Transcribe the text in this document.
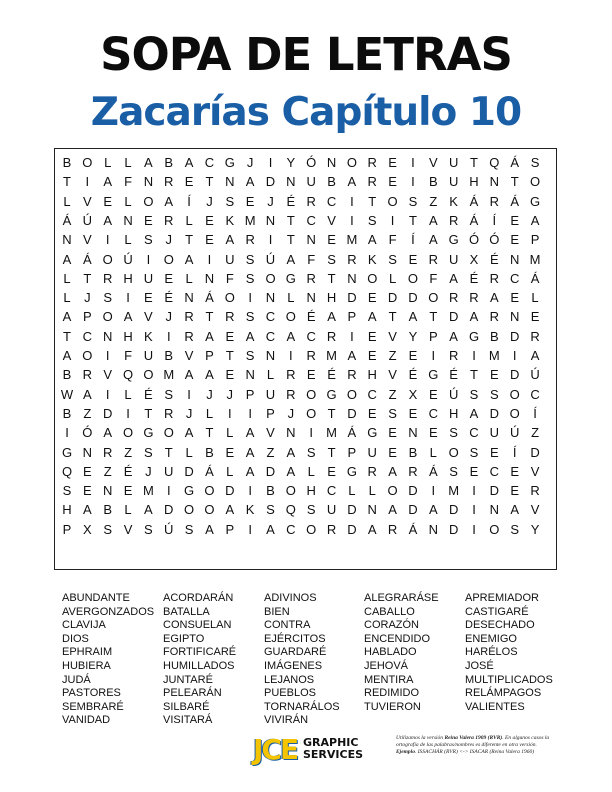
SOPA DE LETRAS
Zacarías Capítulo 10
B O L	L A B A C G J	I	Y Ó N O R E	I	V U T Q Á S
T	I	A F N R E T N A D N U B A R E	I	B U H N T O
L V E L O A	Í	J S E J É R C	I	T O S Z K Á R Á G
Á Ú A N E R L E K M N T C V	I	S	I	T A R Á	Í	E A
N V	I	L S J	T E A R	I	T N E M A F	Í	A G Ó Ó E P
A Á O Ú	I	O A	I	U S Ú A F S R K S E R U X É N M
L T R H U E L N F S O G R T N O L O F A É R C Á
L	J S	I	E É N Á O	I	N L N H D E D D O R R A E L
A P O A V J R T R S C O É A P A T A T D A R N E
T C N H K	I	R A E A C A C R	I	E V Y P A G B D R
A O	I	F U B V P T S N	I	R M A E Z E	I	R	I	M	I	A
B R V Q O M A A E N L R E É R H V É G É T E D Ú
W A	I	L É S	I	J	J P U R O G O C Z X E Ú S S O C
B Z D	I	T R J	L	I	I	P J O T D E S E C H A D O	Í
I	Ó A O G O A T L A V N	I	M Á G E N E S C U Ú Z
G N R Z S T L B E A Z A S T P U E B L O S E	Í	D
Q E Z É J U D Á L A D A L E G R A R Á S E C E V
S E N E M	I	G O D	I	B O H C L	L O D	I	M	I	D E R
H A B L A D O O A K S Q S U D N A D A D	I	N A V
P X S V S Ú S A P	I	A C O R D A R Á N D	I	O S Y
ABUNDANTE
AVERGONZADOS
CLAVIJA
DIOS
EPHRAIM
HUBIERA
JUDÁ
PASTORES
SEMBRARÉ
VANIDAD
ACORDARÁN
BATALLA
CONSUELAN
EGIPTO
FORTIFICARÉ
HUMILLADOS
JUNTARÉ
PELEARÁN
SILBARÉ
VISITARÁ
ADIVINOS
BIEN
CONTRA
EJÉRCITOS
GUARDARÉ
IMÁGENES
LEJANOS
PUEBLOS
TORNARÁLOS
VIVIRÁN
ALEGRARÁSE
CABALLO
CORAZÓN
ENCENDIDO
HABLADO
JEHOVÁ
MENTIRA
REDIMIDO
TUVIERON
APREMIADOR
CASTIGARÉ
DESECHADO
ENEMIGO
HARÉLOS
JOSÉ
MULTIPLICADOS
RELÁMPAGOS
VALIENTES
JCE GRAPHIC
SERVICES
Utilizamos la versión Reina Valera 1909 (RVR). En algunos casos la ortografía de las palabras/nombres es diferente en otra versión. Ejemplo. ISSACHÁR (RVR) <-> ISACAR (Reina Valera 1960)
